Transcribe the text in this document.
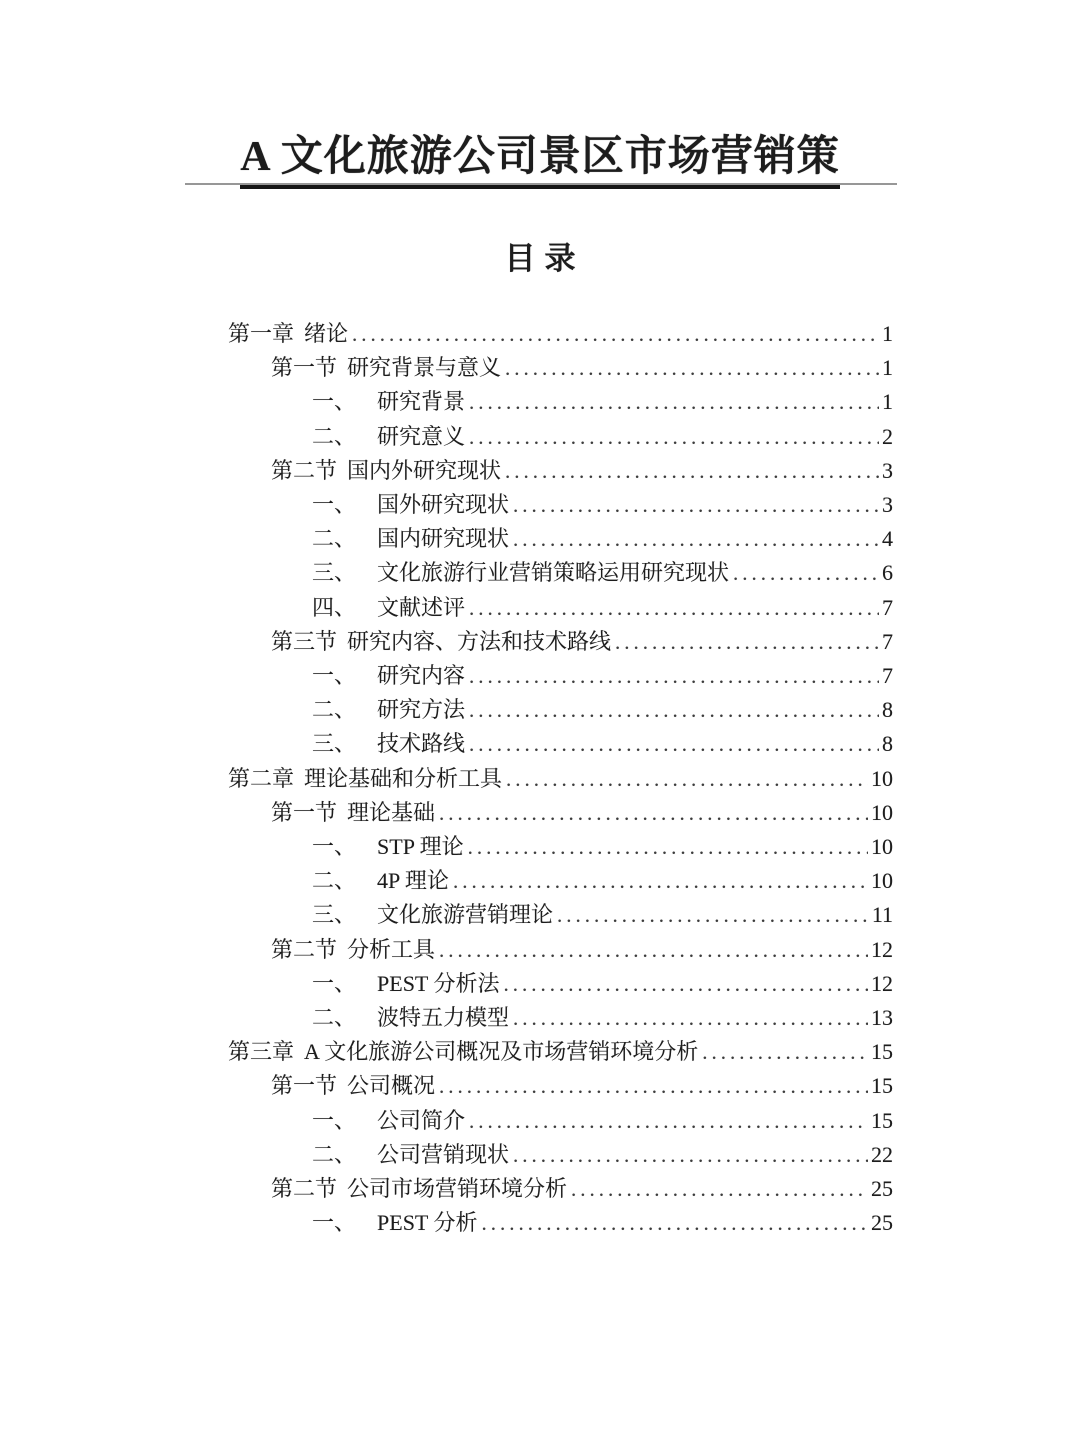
A 文化旅游公司景区市场营销策
目录
第一章 绪论 .....	1
第一节 研究背景与意义 .....	1
一、 研究背景 .....	1
二、 研究意义 .....	2
第二节 国内外研究现状 .....	3
一、 国外研究现状 .....	3
二、 国内研究现状 .....	4
三、 文化旅游行业营销策略运用研究现状 .....	6
四、 文献述评 .....	7
第三节 研究内容、方法和技术路线 .....	7
一、 研究内容 .....	7
二、 研究方法 .....	8
三、 技术路线 .....	8
第二章 理论基础和分析工具 .....	10
第一节 理论基础 .....	10
一、 STP 理论 .....	10
二、 4P 理论 .....	10
三、 文化旅游营销理论 .....	11
第二节 分析工具 .....	12
一、 PEST 分析法 .....	12
二、 波特五力模型 .....	13
第三章 A 文化旅游公司概况及市场营销环境分析 .....	15
第一节 公司概况 .....	15
一、 公司简介 .....	15
二、 公司营销现状 .....	22
第二节 公司市场营销环境分析 .....	25
一、 PEST 分析 .....	25
